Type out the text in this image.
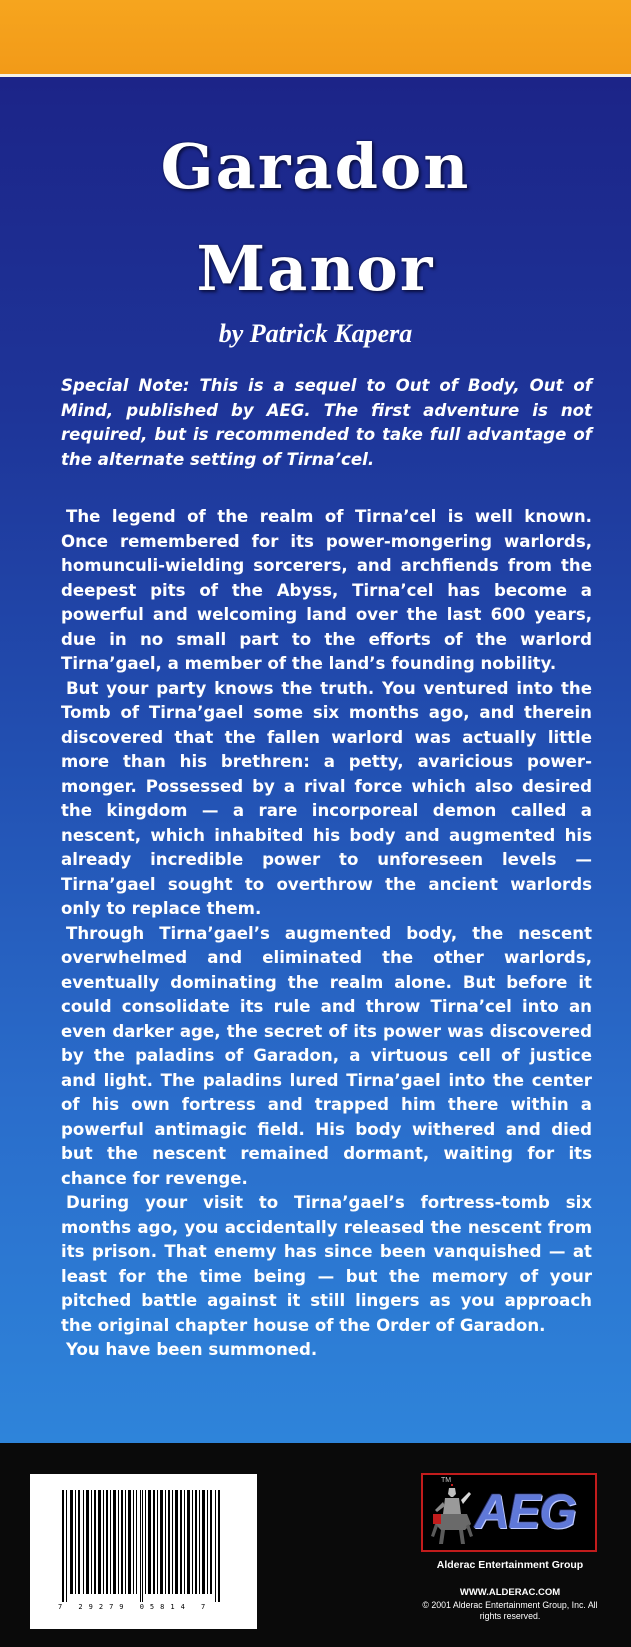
Garadon
Manor
by Patrick Kapera

Special Note: This is a sequel to Out of Body, Out of Mind, published by AEG. The first adventure is not required, but is recommended to take full advantage of the alternate setting of Tirna’cel.

The legend of the realm of Tirna’cel is well known. Once remembered for its power-mongering warlords, homunculi-wielding sorcerers, and archfiends from the deepest pits of the Abyss, Tirna’cel has become a powerful and welcoming land over the last 600 years, due in no small part to the efforts of the warlord Tirna’gael, a member of the land’s founding nobility.

But your party knows the truth. You ventured into the Tomb of Tirna’gael some six months ago, and therein discovered that the fallen warlord was actually little more than his brethren: a petty, avaricious power-monger. Possessed by a rival force which also desired the kingdom — a rare incorporeal demon called a nescent, which inhabited his body and augmented his already incredible power to unforeseen levels — Tirna’gael sought to overthrow the ancient warlords only to replace them.

Through Tirna’gael’s augmented body, the nescent overwhelmed and eliminated the other warlords, eventually dominating the realm alone. But before it could consolidate its rule and throw Tirna’cel into an even darker age, the secret of its power was discovered by the paladins of Garadon, a virtuous cell of justice and light. The paladins lured Tirna’gael into the center of his own fortress and trapped him there within a powerful antimagic field. His body withered and died but the nescent remained dormant, waiting for its chance for revenge.

During your visit to Tirna’gael’s fortress-tomb six months ago, you accidentally released the nescent from its prison. That enemy has since been vanquished — at least for the time being — but the memory of your pitched battle against it still lingers as you approach the original chapter house of the Order of Garadon.

You have been summoned.

7 29279 05814 7
TM
AEG
Alderac Entertainment Group
WWW.ALDERAC.COM
© 2001 Alderac Entertainment Group, Inc. All rights reserved.
